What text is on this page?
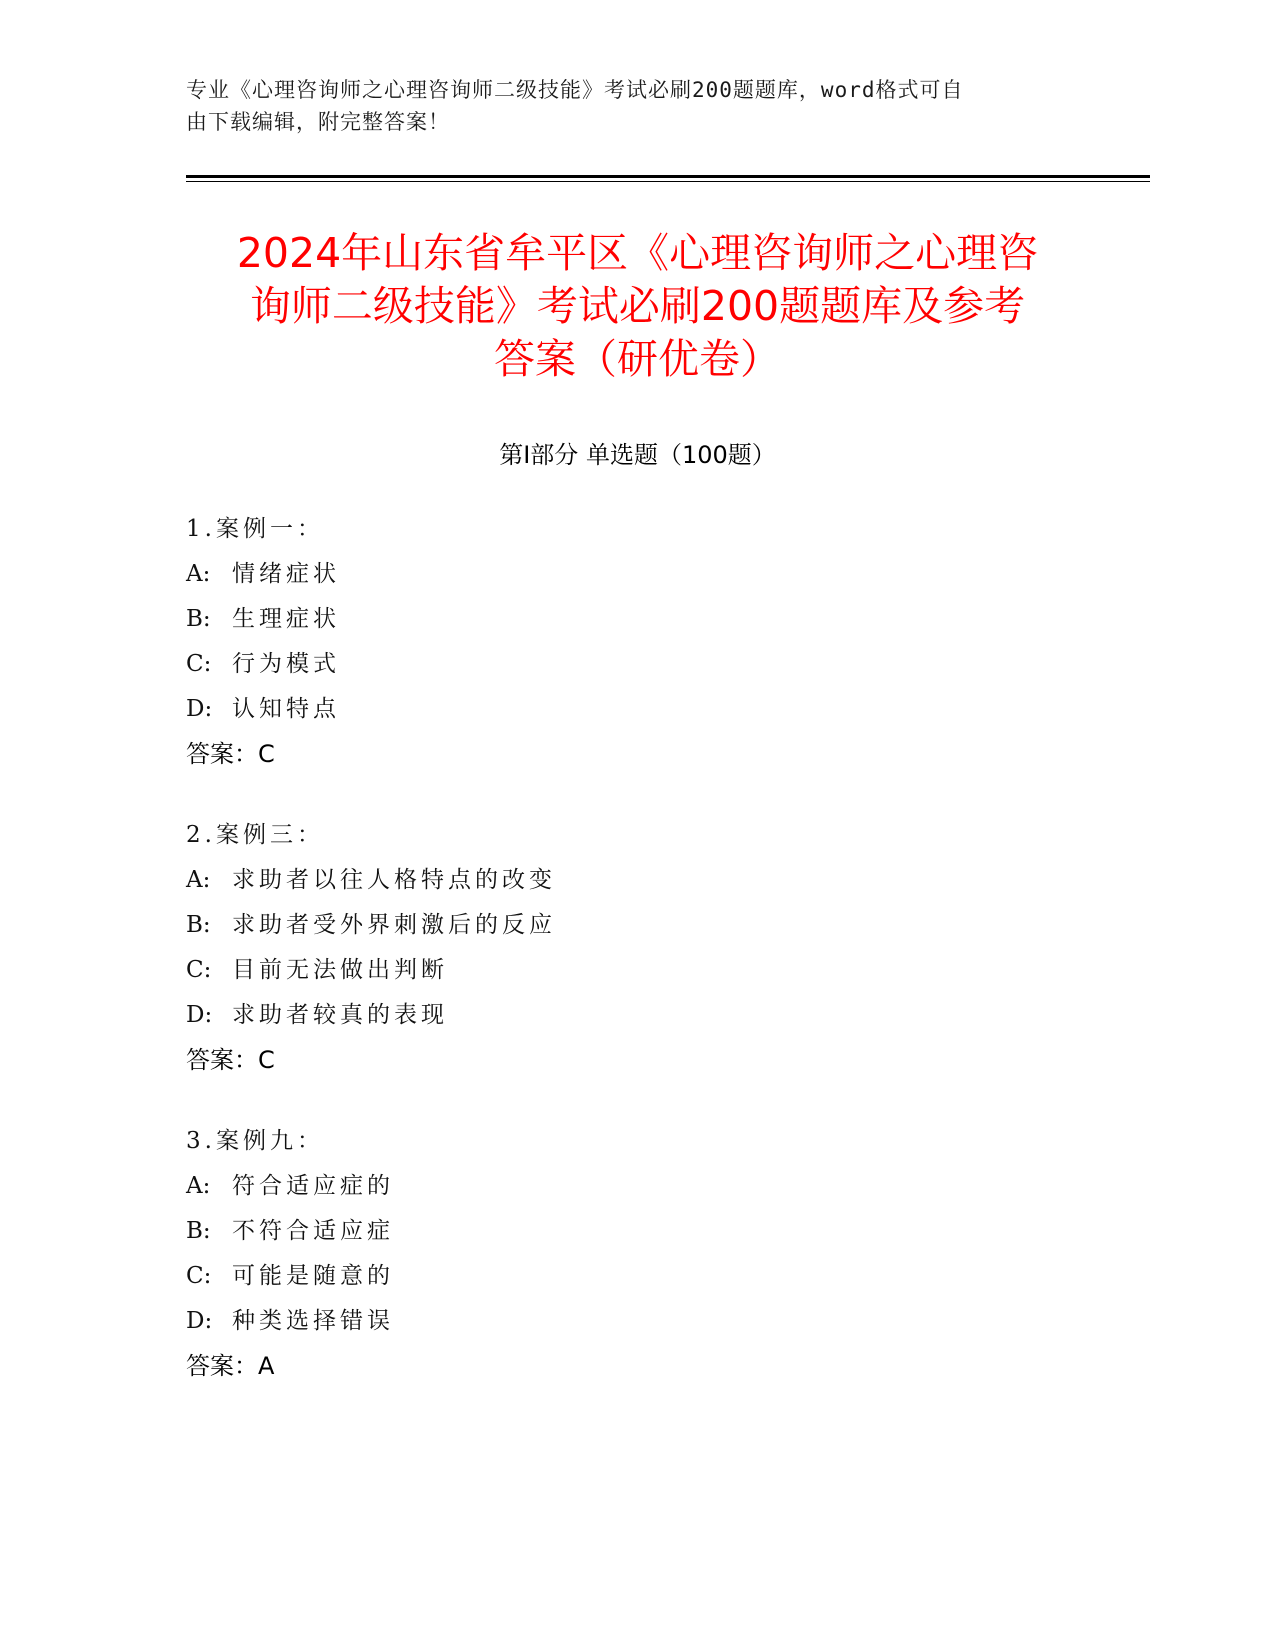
专业《心理咨询师之心理咨询师二级技能》考试必刷200题题库，word格式可自
由下载编辑，附完整答案！
2024年山东省牟平区《心理咨询师之心理咨
询师二级技能》考试必刷200题题库及参考
答案（研优卷）
第Ⅰ部分 单选题（100题）
1.案例一：
A: 情绪症状
B: 生理症状
C: 行为模式
D: 认知特点
答案：C
2.案例三：
A: 求助者以往人格特点的改变
B: 求助者受外界刺激后的反应
C: 目前无法做出判断
D: 求助者较真的表现
答案：C
3.案例九：
A: 符合适应症的
B: 不符合适应症
C: 可能是随意的
D: 种类选择错误
答案：A
